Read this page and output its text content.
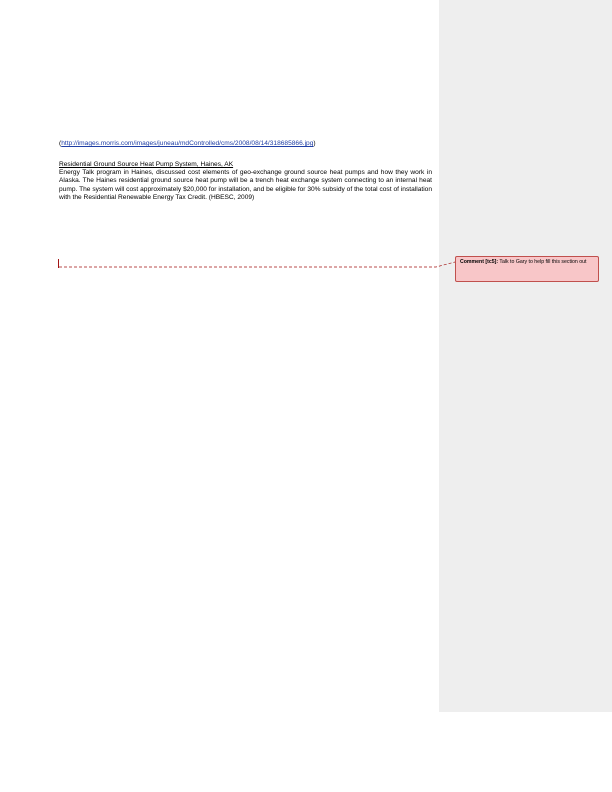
(http://images.morris.com/images/juneau/mdControlled/cms/2008/08/14/318685866.jpg)
Residential Ground Source Heat Pump System, Haines, AK
Energy Talk program in Haines, discussed cost elements of geo-exchange ground source heat pumps and how they work in Alaska. The Haines residential ground source heat pump will be a trench heat exchange system connecting to an internal heat pump. The system will cost approximately $20,000 for installation, and be eligible for 30% subsidy of the total cost of installation with the Residential Renewable Energy Tax Credit. (HBESC, 2009)
Comment [tc5]: Talk to Gary to help fill this section out
